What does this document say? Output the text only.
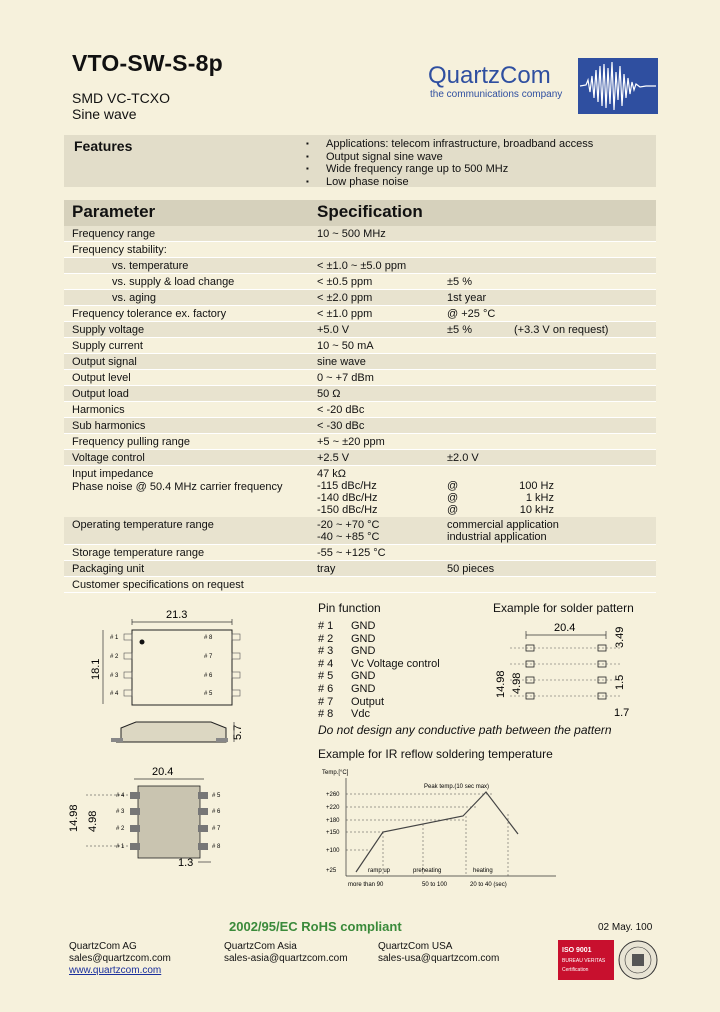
VTO-SW-S-8p
SMD VC-TCXO
Sine wave
QuartzCom
the communications company
Features
▪	Applications: telecom infrastructure, broadband access
▪ Output signal sine wave
▪ Wide frequency range up to 500 MHz
▪ Low phase noise
Parameter	Specification
Frequency range	10 ~ 500 MHz
Frequency stability:
vs. temperature	< ±1.0 ~ ±5.0 ppm
vs. supply & load change	< ±0.5 ppm	±5 %
vs. aging	< ±2.0 ppm	1st year
Frequency tolerance ex. factory	< ±1.0 ppm	@ +25 °C
Supply voltage	+5.0 V	±5 %	(+3.3 V on request)
Supply current	10 ~ 50 mA
Output signal	sine wave
Output level	0 ~ +7 dBm
Output load	50 Ω
Harmonics	< -20 dBc
Sub harmonics	< -30 dBc
Frequency pulling range	+5 ~ ±20 ppm
Voltage control	+2.5 V	±2.0 V
Input impedance	47 kΩ
Phase noise @ 50.4 MHz carrier frequency	-115 dBc/Hz
-140 dBc/Hz
-150 dBc/Hz
@
@
@
100 Hz
1 kHz
10 kHz
Operating temperature range	-20 ~ +70 °C
-40 ~ +85 °C
commercial application
industrial application
Storage temperature range	-55 ~ +125 °C
Packaging unit	tray	50 pieces
Customer specifications on request
21.3
18.1
# 1
# 2
# 3
# 4
# 8
# 7
# 6
# 5
5.7
20.4
14.98 4.98
# 4
# 3
# 2
# 1
# 5
# 6
# 7
# 8
1.3
Pin function
# 1 GND
# 2 GND
# 3 GND
# 4 Vc Voltage control
# 5 GND
# 6 GND
# 7 Output
# 8 Vdc
Do not design any conductive path between the pattern
Example for solder pattern
20.4
14.98 4.98
3.49
1.5
1.7
Example for IR reflow soldering temperature
Temp.[°C]
+260
+220
+180
+150
+100
+25
Peak temp.(10 sec max)
ramp up	preheating	heating
more than 90	50 to 100	20 to 40 (sec)
2002/95/EC RoHS compliant	02 May. 100
QuartzCom AG
sales@quartzcom.com
QuartzCom Asia
sales-asia@quartzcom.com
QuartzCom USA
sales-usa@quartzcom.com
www.quartzcom.com
ISO 9001
BUREAU VERITAS
Certification
